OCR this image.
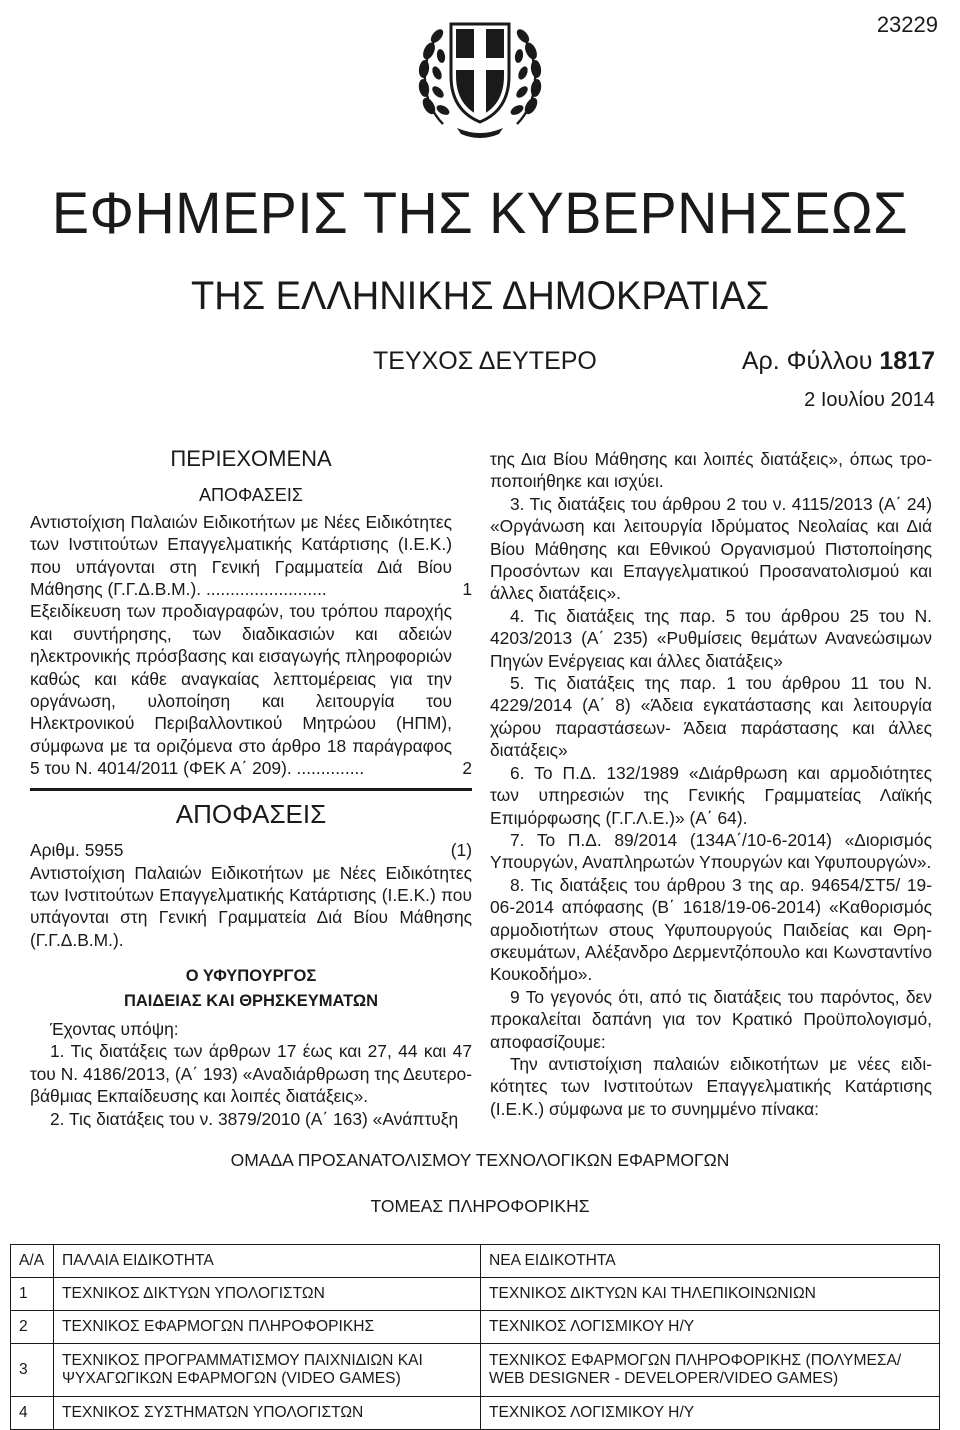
23229
ΕΦΗΜΕΡΙΣ ΤΗΣ ΚΥΒΕΡΝΗΣΕΩΣ
ΤΗΣ ΕΛΛΗΝΙΚΗΣ ΔΗΜΟΚΡΑΤΙΑΣ
ΤΕΥΧΟΣ ΔΕΥΤΕΡΟ	Αρ. Φύλλου 1817
2 Ιουλίου 2014

ΠΕΡΙΕΧΟΜΕΝΑ

ΑΠΟΦΑΣΕΙΣ

Αντιστοίχιση Παλαιών Ειδικοτήτων με Νέες Ειδικότητες των Ινστιτούτων Επαγγελματικής Κατάρτισης (Ι.Ε.Κ.) που υπάγονται στη Γενική Γραμματεία Διά Βίου Μάθησης (Γ.Γ.Δ.Β.Μ.). .........................	1

Εξειδίκευση των προδιαγραφών, του τρόπου παροχής και συντήρησης, των διαδικασιών και αδειών ηλεκτρονικής πρόσβασης και εισαγωγής πληροφοριών καθώς και κάθε αναγκαίας λεπτομέρειας για την οργάνωση, υλοποίηση και λειτουργία του Ηλεκτρονικού Περιβαλλοντικού Μητρώου (ΗΠΜ), σύμφωνα με τα οριζόμενα στο άρθρο 18 παράγραφος 5 του Ν. 4014/2011 (ΦΕΚ Α΄ 209). ..............	2

ΑΠΟΦΑΣΕΙΣ

Αριθμ. 5955	(1)

Αντιστοίχιση Παλαιών Ειδικοτήτων με Νέες Ειδικότητες των Ινστιτούτων Επαγγελματικής Κατάρτισης (Ι.Ε.Κ.) που υπάγονται στη Γενική Γραμματεία Διά Βίου Μάθησης (Γ.Γ.Δ.Β.Μ.).

Ο ΥΦΥΠΟΥΡΓΟΣ

ΠΑΙΔΕΙΑΣ ΚΑΙ ΘΡΗΣΚΕΥΜΑΤΩΝ

Έχοντας υπόψη:

1. Τις διατάξεις των άρθρων 17 έως και 27, 44 και 47 του Ν. 4186/2013, (Α΄ 193) «Αναδιάρθρωση της Δευτεροβάθμιας Εκπαίδευσης και λοιπές διατάξεις».

2. Τις διατάξεις του ν. 3879/2010 (Α΄ 163) «Ανάπτυξη

της Δια Βίου Μάθησης και λοιπές διατάξεις», όπως τροποποιήθηκε και ισχύει.

3. Τις διατάξεις του άρθρου 2 του ν. 4115/2013 (Α΄ 24) «Οργάνωση και λειτουργία Ιδρύματος Νεολαίας και Διά Βίου Μάθησης και Εθνικού Οργανισμού Πιστοποίησης Προσόντων και Επαγγελματικού Προσανατολισμού και άλλες διατάξεις».

4. Τις διατάξεις της παρ. 5 του άρθρου 25 του Ν. 4203/2013 (Α΄ 235) «Ρυθμίσεις θεμάτων Ανανεώσιμων Πηγών Ενέργειας και άλλες διατάξεις»

5. Τις διατάξεις της παρ. 1 του άρθρου 11 του Ν. 4229/2014 (Α΄ 8) «Άδεια εγκατάστασης και λειτουργία χώρου παραστάσεων- Άδεια παράστασης και άλλες διατάξεις»

6. Το Π.Δ. 132/1989 «Διάρθρωση και αρμοδιότητες των υπηρεσιών της Γενικής Γραμματείας Λαϊκής Επιμόρφωσης (Γ.Γ.Λ.Ε.)» (Α΄ 64).

7. Το Π.Δ. 89/2014 (134Α΄/10-6-2014) «Διορισμός Υπουργών, Αναπληρωτών Υπουργών και Υφυπουργών».

8. Τις διατάξεις του άρθρου 3 της αρ. 94654/ΣΤ5/ 19-06-2014 απόφασης (Β΄ 1618/19-06-2014) «Καθορισμός αρμοδιοτήτων στους Υφυπουργούς Παιδείας και Θρησκευμάτων, Αλέξανδρο Δερμεντζόπουλο και Κωνσταντίνο Κουκοδήμο».

9 Το γεγονός ότι, από τις διατάξεις του παρόντος, δεν προκαλείται δαπάνη για τον Κρατικό Προϋπολογισμό, αποφασίζουμε:

Την αντιστοίχιση παλαιών ειδικοτήτων με νέες ειδικότητες των Ινστιτούτων Επαγγελματικής Κατάρτισης (Ι.Ε.Κ.) σύμφωνα με το συνημμένο πίνακα:

ΟΜΑΔΑ ΠΡΟΣΑΝΑΤΟΛΙΣΜΟΥ ΤΕΧΝΟΛΟΓΙΚΩΝ ΕΦΑΡΜΟΓΩΝ
ΤΟΜΕΑΣ ΠΛΗΡΟΦΟΡΙΚΗΣ
Α/Α	ΠΑΛΑΙΑ ΕΙΔΙΚΟΤΗΤΑ	ΝΕΑ ΕΙΔΙΚΟΤΗΤΑ
1	ΤΕΧΝΙΚΟΣ ΔΙΚΤΥΩΝ ΥΠΟΛΟΓΙΣΤΩΝ	ΤΕΧΝΙΚΟΣ ΔΙΚΤΥΩΝ ΚΑΙ ΤΗΛΕΠΙΚΟΙΝΩΝΙΩΝ
2	ΤΕΧΝΙΚΟΣ ΕΦΑΡΜΟΓΩΝ ΠΛΗΡΟΦΟΡΙΚΗΣ	ΤΕΧΝΙΚΟΣ ΛΟΓΙΣΜΙΚΟΥ Η/Υ
3	ΤΕΧΝΙΚΟΣ ΠΡΟΓΡΑΜΜΑΤΙΣΜΟΥ ΠΑΙΧΝΙΔΙΩΝ ΚΑΙ ΨΥΧΑΓΩΓΙΚΩΝ ΕΦΑΡΜΟΓΩΝ (VIDEO GAMES)	ΤΕΧΝΙΚΟΣ ΕΦΑΡΜΟΓΩΝ ΠΛΗΡΟΦΟΡΙΚΗΣ (ΠΟΛΥΜΕΣΑ/ WEB DESIGNER - DEVELOPER/VIDEO GAMES)
4	ΤΕΧΝΙΚΟΣ ΣΥΣΤΗΜΑΤΩΝ ΥΠΟΛΟΓΙΣΤΩΝ	ΤΕΧΝΙΚΟΣ ΛΟΓΙΣΜΙΚΟΥ Η/Υ
